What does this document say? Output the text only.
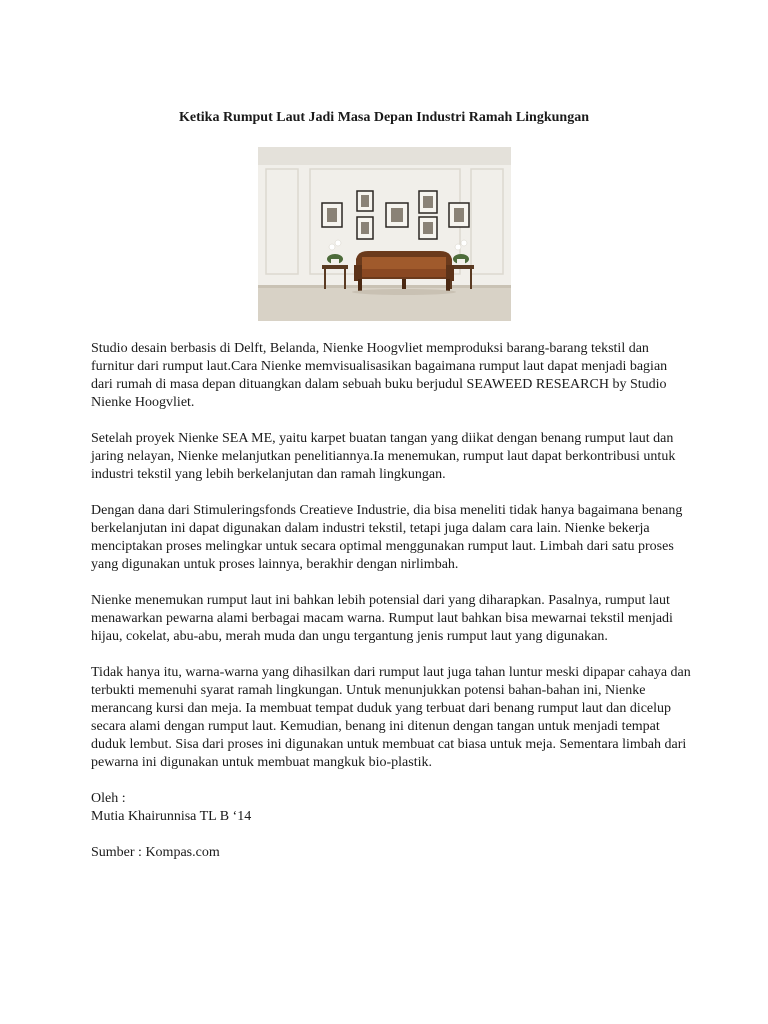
Ketika Rumput Laut Jadi Masa Depan Industri Ramah Lingkungan

Studio desain berbasis di Delft, Belanda, Nienke Hoogvliet memproduksi barang-barang tekstil dan furnitur dari rumput laut.Cara Nienke memvisualisasikan bagaimana rumput laut dapat menjadi bagian dari rumah di masa depan dituangkan dalam sebuah buku berjudul SEAWEED RESEARCH by Studio Nienke Hoogvliet.

Setelah proyek Nienke SEA ME, yaitu karpet buatan tangan yang diikat dengan benang rumput laut dan jaring nelayan, Nienke melanjutkan penelitiannya.Ia menemukan, rumput laut dapat berkontribusi untuk industri tekstil yang lebih berkelanjutan dan ramah lingkungan.

Dengan dana dari Stimuleringsfonds Creatieve Industrie, dia bisa meneliti tidak hanya bagaimana benang berkelanjutan ini dapat digunakan dalam industri tekstil, tetapi juga dalam cara lain. Nienke bekerja menciptakan proses melingkar untuk secara optimal menggunakan rumput laut. Limbah dari satu proses yang digunakan untuk proses lainnya, berakhir dengan nirlimbah.

Nienke menemukan rumput laut ini bahkan lebih potensial dari yang diharapkan. Pasalnya, rumput laut menawarkan pewarna alami berbagai macam warna. Rumput laut bahkan bisa mewarnai tekstil menjadi hijau, cokelat, abu-abu, merah muda dan ungu tergantung jenis rumput laut yang digunakan.

Tidak hanya itu, warna-warna yang dihasilkan dari rumput laut juga tahan luntur meski dipapar cahaya dan terbukti memenuhi syarat ramah lingkungan. Untuk menunjukkan potensi bahan-bahan ini, Nienke merancang kursi dan meja. Ia membuat tempat duduk yang terbuat dari benang rumput laut dan dicelup secara alami dengan rumput laut. Kemudian, benang ini ditenun dengan tangan untuk menjadi tempat duduk lembut. Sisa dari proses ini digunakan untuk membuat cat biasa untuk meja. Sementara limbah dari pewarna ini digunakan untuk membuat mangkuk bio-plastik.

Oleh :
Mutia Khairunnisa TL B ‘14
Sumber : Kompas.com
